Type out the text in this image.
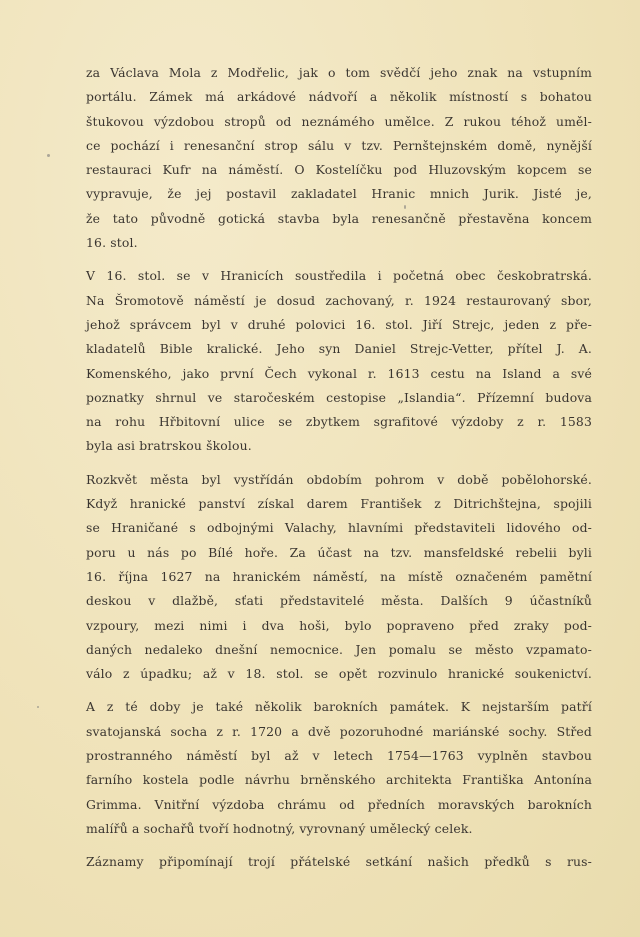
za Václava Mola z Modřelic, jak o tom svědčí jeho znak na vstupním
portálu. Zámek má arkádové nádvoří a několik místností s bohatou
štukovou výzdobou stropů od neznámého umělce. Z rukou téhož uměl-
ce pochází i renesanční strop sálu v tzv. Pernštejnském domě, nynější
restauraci Kufr na náměstí. O Kostelíčku pod Hluzovským kopcem se
vypravuje, že jej postavil zakladatel Hranic mnich Jurik. Jisté je,
že tato původně gotická stavba byla renesančně přestavěna koncem
16. stol.

V 16. stol. se v Hranicích soustředila i početná obec českobratrská.
Na Šromotově náměstí je dosud zachovaný, r. 1924 restaurovaný sbor,
jehož správcem byl v druhé polovici 16. stol. Jiří Strejc, jeden z pře-
kladatelů Bible kralické. Jeho syn Daniel Strejc-Vetter, přítel J. A.
Komenského, jako první Čech vykonal r. 1613 cestu na Island a své
poznatky shrnul ve staročeském cestopise „Islandia“. Přízemní budova
na rohu Hřbitovní ulice se zbytkem sgrafitové výzdoby z r. 1583
byla asi bratrskou školou.

Rozkvět města byl vystřídán obdobím pohrom v době pobělohorské.
Když hranické panství získal darem František z Ditrichštejna, spojili
se Hraničané s odbojnými Valachy, hlavními představiteli lidového od-
poru u nás po Bílé hoře. Za účast na tzv. mansfeldské rebelii byli
16. října 1627 na hranickém náměstí, na místě označeném pamětní
deskou v dlažbě, sťati představitelé města. Dalších 9 účastníků
vzpoury, mezi nimi i dva hoši, bylo popraveno před zraky pod-
daných nedaleko dnešní nemocnice. Jen pomalu se město vzpamato-
válo z úpadku; až v 18. stol. se opět rozvinulo hranické soukenictví.

A z té doby je také několik barokních památek. K nejstarším patří
svatojanská socha z r. 1720 a dvě pozoruhodné mariánské sochy. Střed
prostranného náměstí byl až v letech 1754—1763 vyplněn stavbou
farního kostela podle návrhu brněnského architekta Františka Antonína
Grimma. Vnitřní výzdoba chrámu od předních moravských barokních
malířů a sochařů tvoří hodnotný, vyrovnaný umělecký celek.

Záznamy připomínají trojí přátelské setkání našich předků s rus-
